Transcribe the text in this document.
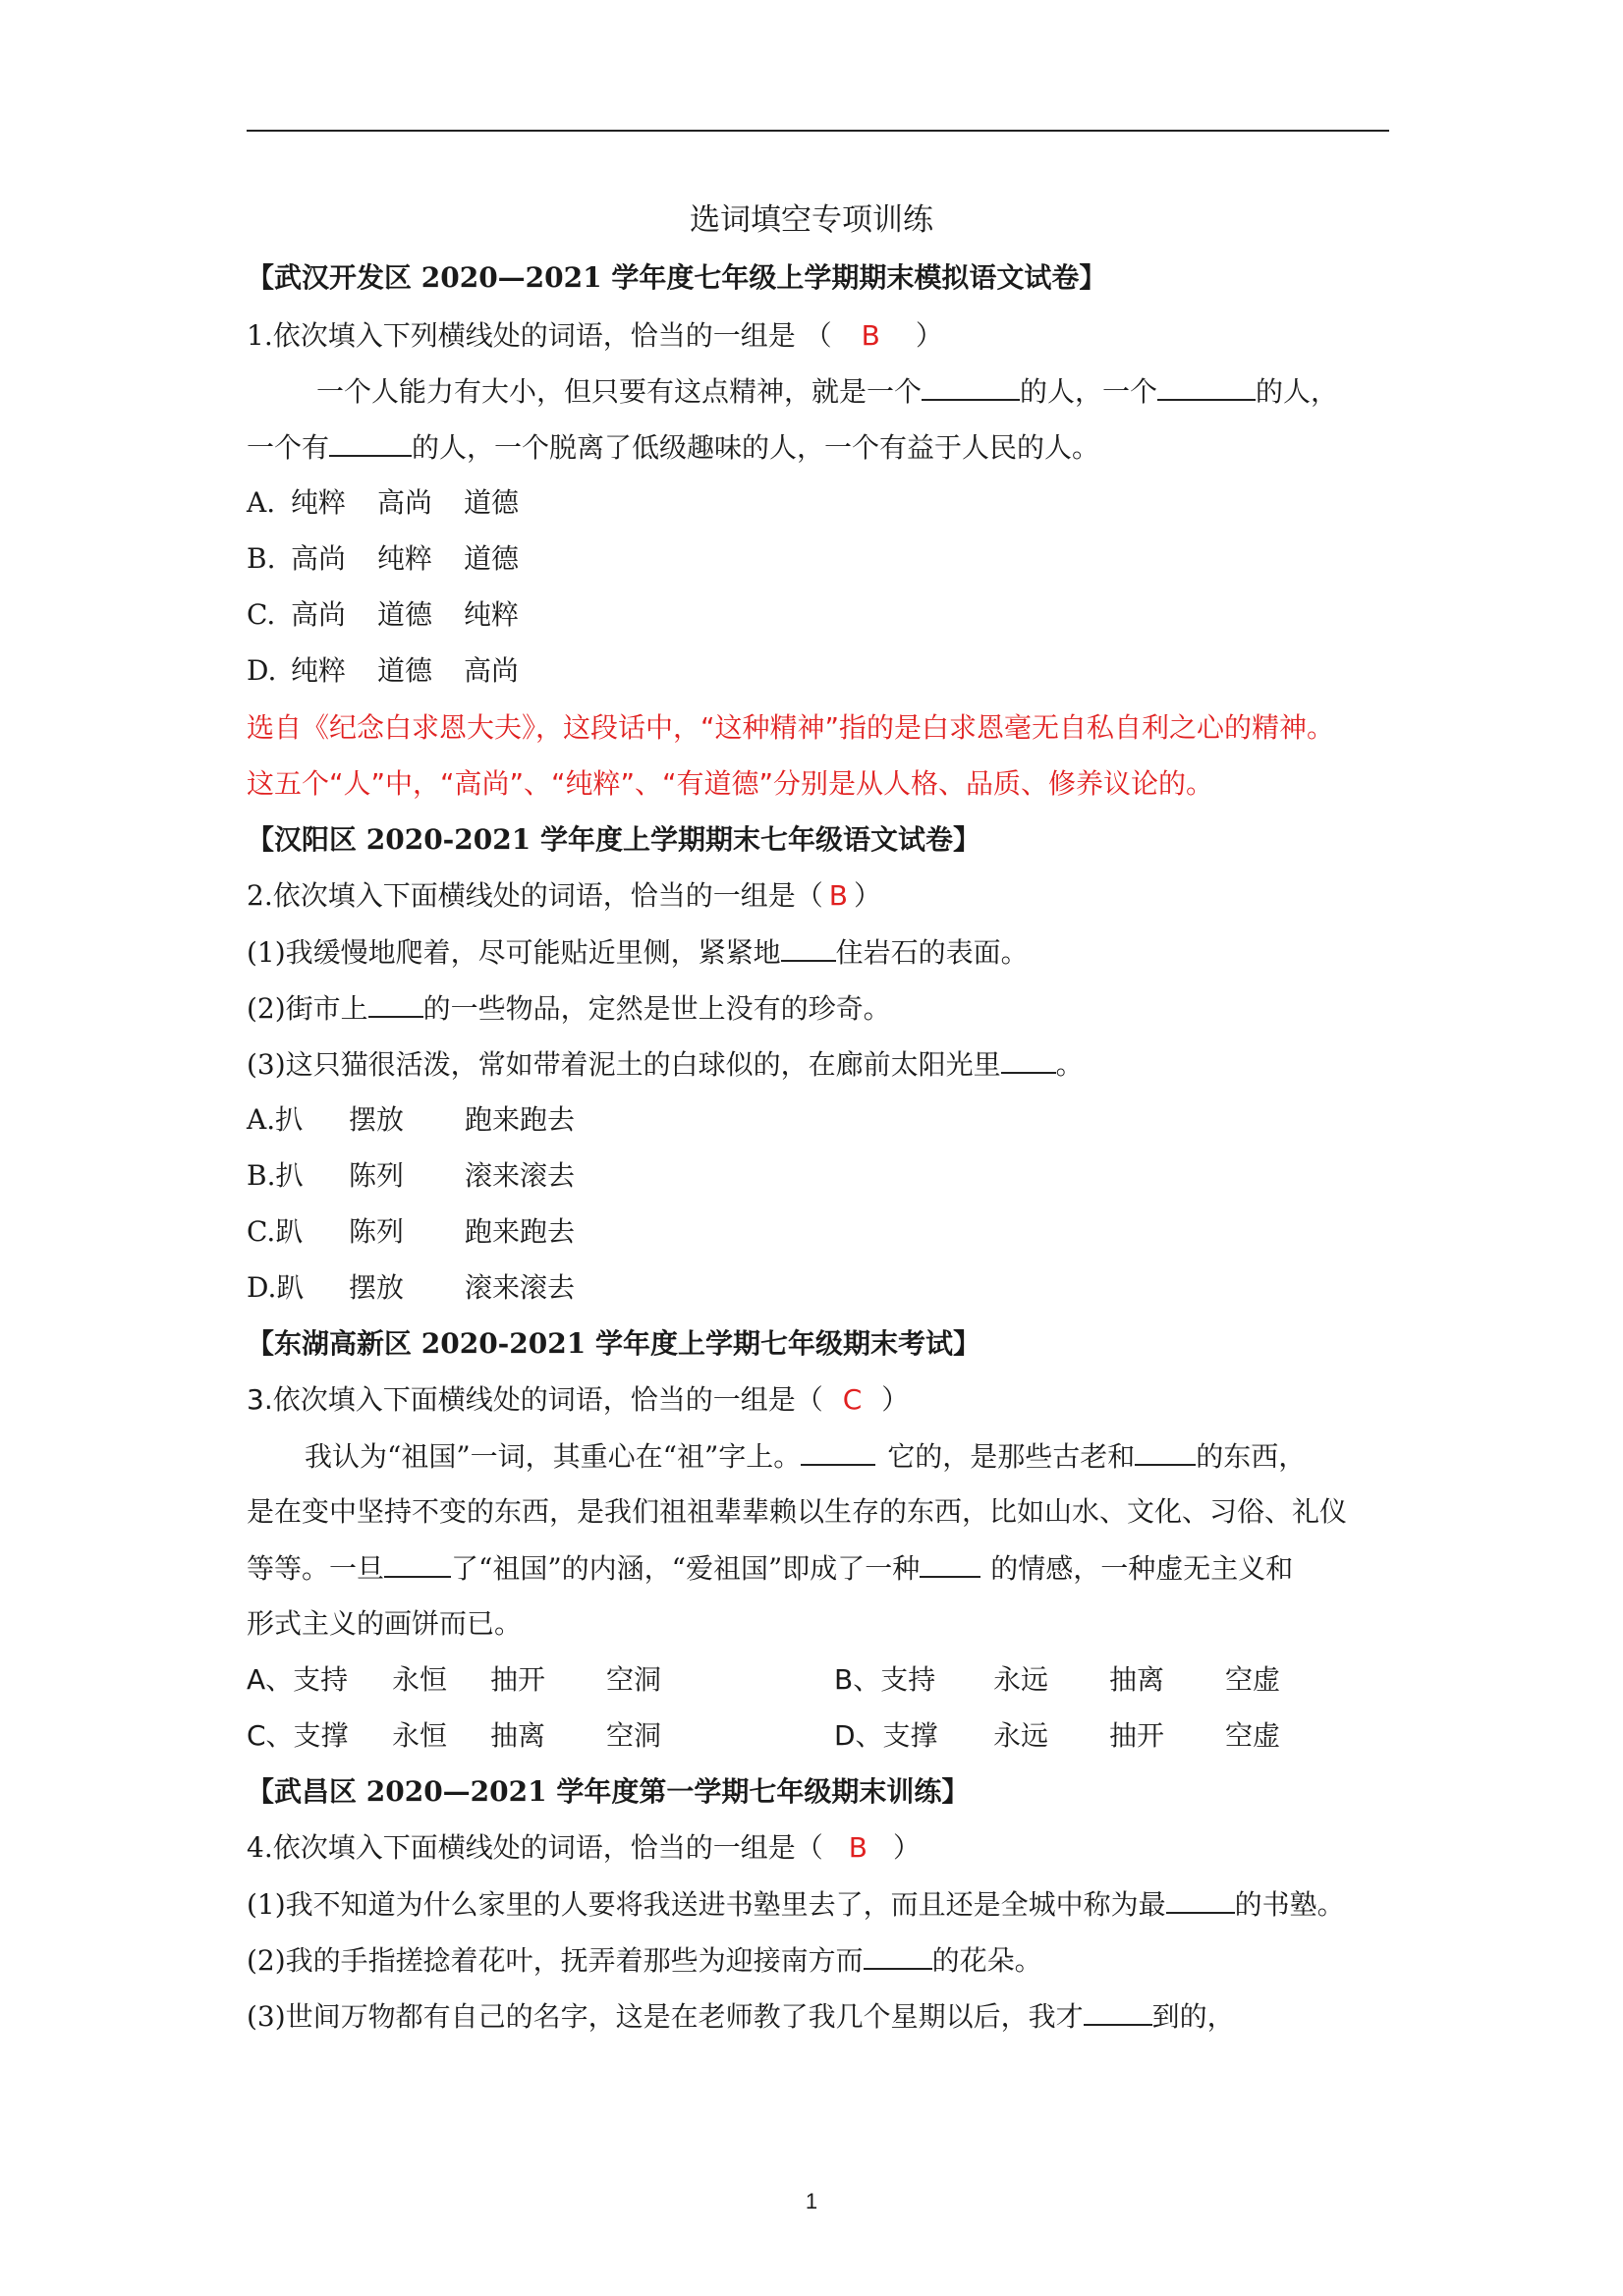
选词填空专项训练
【武汉开发区 2020—2021 学年度七年级上学期期末模拟语文试卷】
1.依次填入下列横线处的词语，恰当的一组是 （ B ）
一个人能力有大小，但只要有这点精神，就是一个	的人，一个	的人，
一个有	的人，一个脱离了低级趣味的人，一个有益于人民的人。
A. 纯粹 高尚 道德
B. 高尚 纯粹 道德
C. 高尚 道德 纯粹
D. 纯粹 道德 高尚
选自《纪念白求恩大夫》，这段话中，“这种精神”指的是白求恩毫无自私自利之心的精神。
这五个“人”中，“高尚”、“纯粹”、“有道德”分别是从人格、品质、修养议论的。
【汉阳区 2020-2021 学年度上学期期末七年级语文试卷】
2.依次填入下面横线处的词语，恰当的一组是（ B ）
(1)我缓慢地爬着，尽可能贴近里侧，紧紧地 住岩石的表面。
(2)街市上 的一些物品，定然是世上没有的珍奇。
(3)这只猫很活泼，常如带着泥土的白球似的，在廊前太阳光里 。
A.扒 摆放 跑来跑去
B.扒 陈列 滚来滚去
C.趴 陈列 跑来跑去
D.趴 摆放 滚来滚去
【东湖高新区 2020-2021 学年度上学期七年级期末考试】
3.依次填入下面横线处的词语，恰当的一组是（ C ）
我认为“祖国”一词，其重心在“祖”字上。	它的，是那些古老和 的东西，
是在变中坚持不变的东西，是我们祖祖辈辈赖以生存的东西，比如山水、文化、习俗、礼仪
等等。一旦 了“祖国”的内涵，“爱祖国”即成了一种	的情感，一种虚无主义和
形式主义的画饼而已。
A、支持 永恒 抽开 空洞	B、支持 永远 抽离 空虚
C、支撑 永恒 抽离 空洞	D、支撑 永远 抽开 空虚
【武昌区 2020—2021 学年度第一学期七年级期末训练】
4.依次填入下面横线处的词语，恰当的一组是（ B ）
(1)我不知道为什么家里的人要将我送进书塾里去了，而且还是全城中称为最	的书塾。
(2)我的手指搓捻着花叶，抚弄着那些为迎接南方而	的花朵。
(3)世间万物都有自己的名字，这是在老师教了我几个星期以后，我才	到的，
1
